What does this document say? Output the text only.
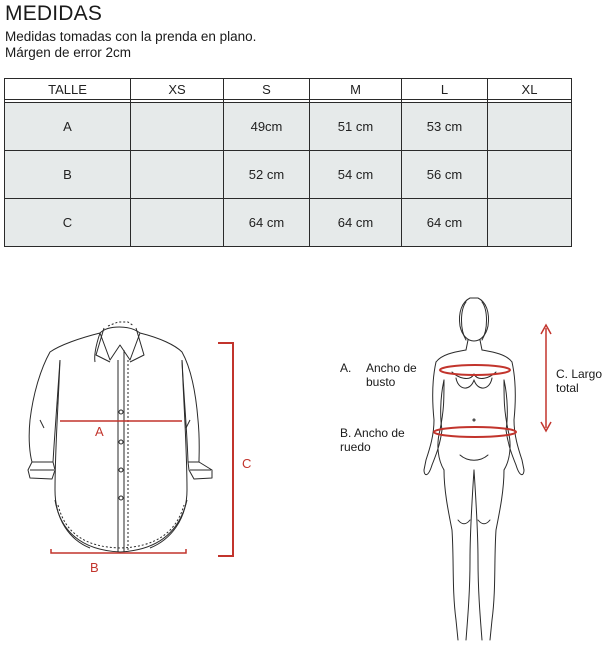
MEDIDAS
Medidas tomadas con la prenda en plano.
Márgen de error 2cm
TALLE	XS	S	M	L	XL

A		49cm	51 cm	53 cm	
B		52 cm	54 cm	56 cm	
C		64 cm	64 cm	64 cm	
A
B
C
A. Ancho de
busto
B. Ancho de
ruedo
C. Largo
total
